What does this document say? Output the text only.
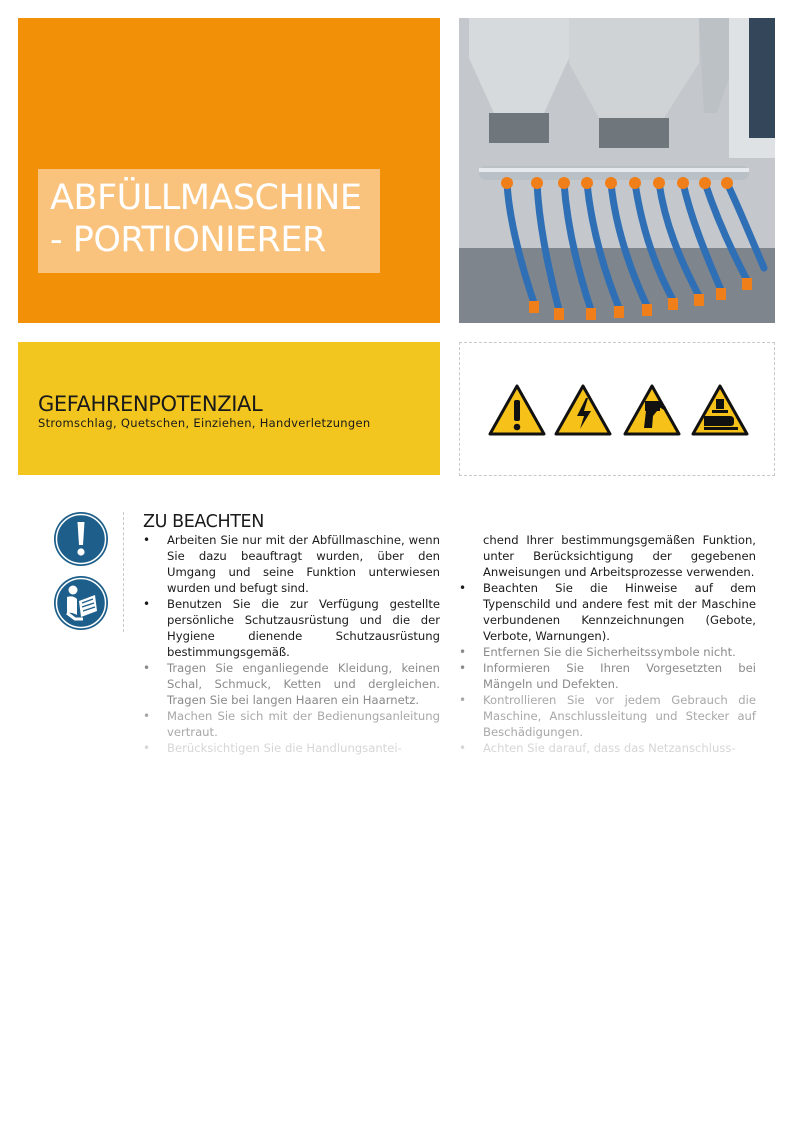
ABFÜLLMASCHINE
- PORTIONIERER
GEFAHRENPOTENZIAL
Stromschlag, Quetschen, Einziehen, Handverletzungen
ZU BEACHTEN
• Arbeiten Sie nur mit der Abfüllmaschine, wenn Sie dazu beauftragt wurden, über den Umgang und seine Funktion unterwiesen wurden und befugt sind.
• Benutzen Sie die zur Verfügung gestellte persönliche Schutzausrüstung und die der Hygiene dienende Schutzausrüstung bestimmungsgemäß.
• Tragen Sie enganliegende Kleidung, keinen Schal, Schmuck, Ketten und dergleichen. Tragen Sie bei langen Haaren ein Haarnetz.
• Machen Sie sich mit der Bedienungsanleitung vertraut.
• Berücksichtigen Sie die Handlungsantei-
chend Ihrer bestimmungsgemäßen Funktion, unter Berücksichtigung der gegebenen Anweisungen und Arbeitsprozesse verwenden.
• Beachten Sie die Hinweise auf dem Typenschild und andere fest mit der Maschine verbundenen Kennzeichnungen (Gebote, Verbote, Warnungen).
• Entfernen Sie die Sicherheitssymbole nicht.
• Informieren Sie Ihren Vorgesetzten bei Mängeln und Defekten.
• Kontrollieren Sie vor jedem Gebrauch die Maschine, Anschlussleitung und Stecker auf Beschädigungen.
• Achten Sie darauf, dass das Netzanschluss-
